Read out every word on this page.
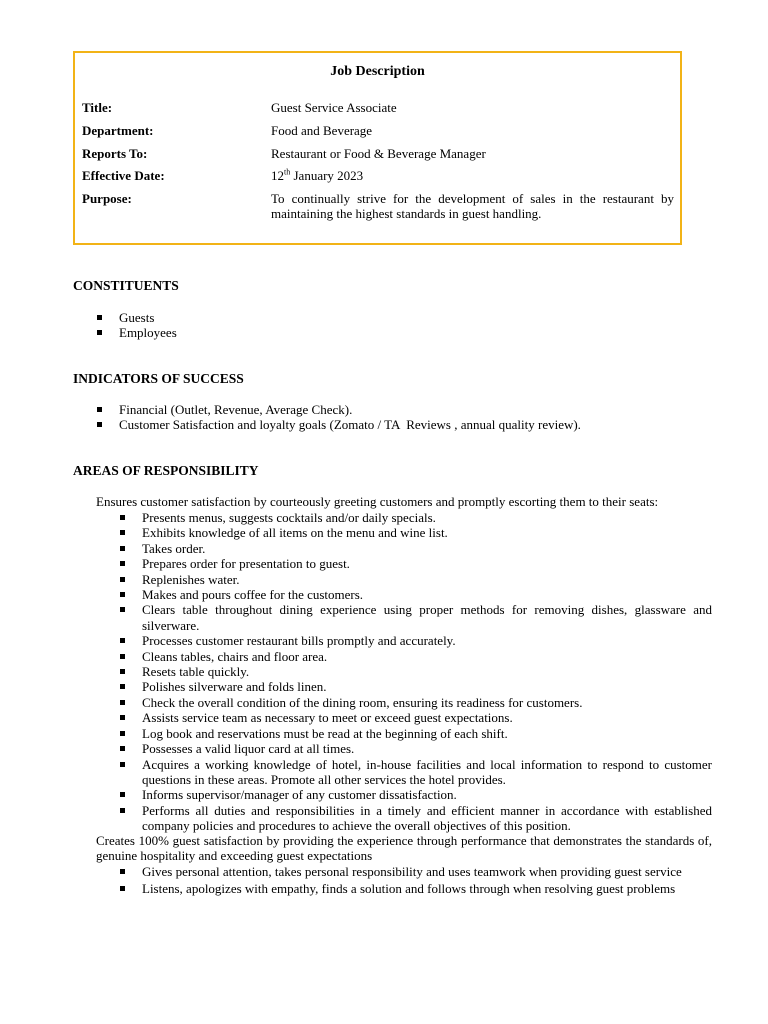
Job Description
Title:	Guest Service Associate
Department:	Food and Beverage
Reports To:	Restaurant or Food & Beverage Manager
Effective Date:	12th January 2023
Purpose:	To continually strive for the development of sales in the restaurant by maintaining the highest standards in guest handling.
CONSTITUENTS
Guests
Employees
INDICATORS OF SUCCESS
Financial (Outlet, Revenue, Average Check).
Customer Satisfaction and loyalty goals (Zomato / TA  Reviews , annual quality review).
AREAS OF RESPONSIBILITY
Ensures customer satisfaction by courteously greeting customers and promptly escorting them to their seats:
Presents menus, suggests cocktails and/or daily specials.
Exhibits knowledge of all items on the menu and wine list.
Takes order.
Prepares order for presentation to guest.
Replenishes water.
Makes and pours coffee for the customers.
Clears table throughout dining experience using proper methods for removing dishes, glassware and silverware.
Processes customer restaurant bills promptly and accurately.
Cleans tables, chairs and floor area.
Resets table quickly.
Polishes silverware and folds linen.
Check the overall condition of the dining room, ensuring its readiness for customers.
Assists service team as necessary to meet or exceed guest expectations.
Log book and reservations must be read at the beginning of each shift.
Possesses a valid liquor card at all times.
Acquires a working knowledge of hotel, in-house facilities and local information to respond to customer questions in these areas. Promote all other services the hotel provides.
Informs supervisor/manager of any customer dissatisfaction.
Performs all duties and responsibilities in a timely and efficient manner in accordance with established company policies and procedures to achieve the overall objectives of this position.
Creates 100% guest satisfaction by providing the experience through performance that demonstrates the standards of, genuine hospitality and exceeding guest expectations
Gives personal attention, takes personal responsibility and uses teamwork when providing guest service
Listens, apologizes with empathy, finds a solution and follows through when resolving guest problems
